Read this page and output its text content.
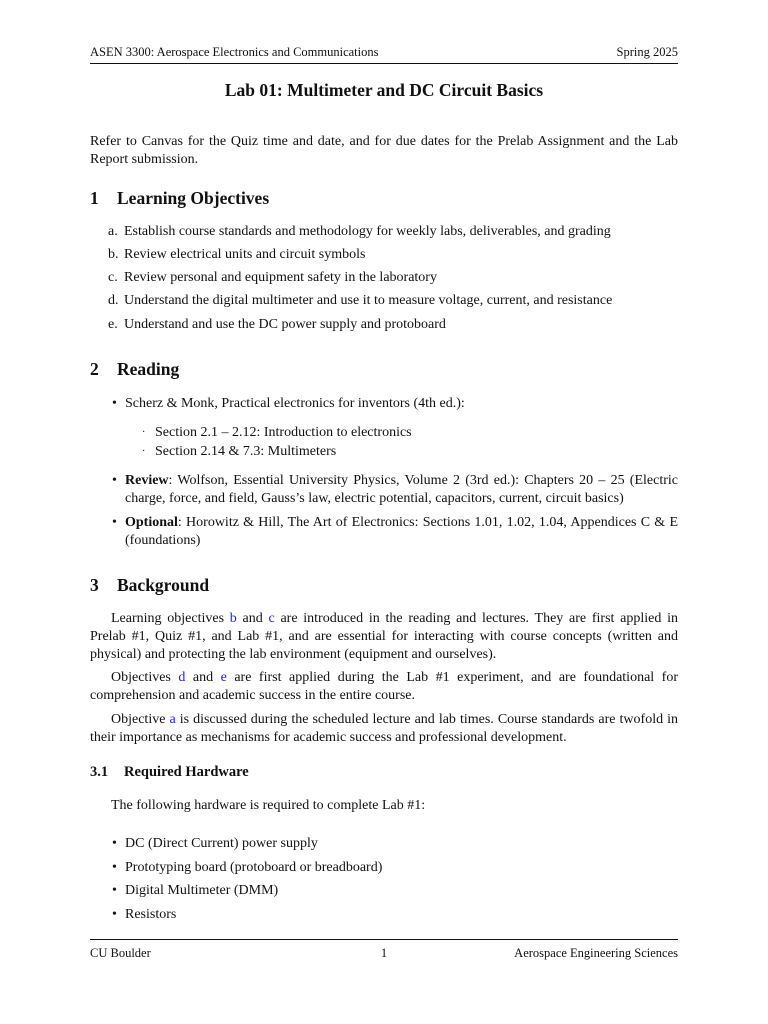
ASEN 3300: Aerospace Electronics and Communications	Spring 2025
Lab 01: Multimeter and DC Circuit Basics
Refer to Canvas for the Quiz time and date, and for due dates for the Prelab Assignment and the Lab Report submission.
1 Learning Objectives
a. Establish course standards and methodology for weekly labs, deliverables, and grading
b. Review electrical units and circuit symbols
c. Review personal and equipment safety in the laboratory
d. Understand the digital multimeter and use it to measure voltage, current, and resistance
e. Understand and use the DC power supply and protoboard
2 Reading
• Scherz & Monk, Practical electronics for inventors (4th ed.):
· Section 2.1 – 2.12: Introduction to electronics
· Section 2.14 & 7.3: Multimeters
• Review: Wolfson, Essential University Physics, Volume 2 (3rd ed.): Chapters 20 – 25 (Electric charge, force, and field, Gauss’s law, electric potential, capacitors, current, circuit basics)
• Optional: Horowitz & Hill, The Art of Electronics: Sections 1.01, 1.02, 1.04, Appendices C & E (foundations)
3 Background
Learning objectives b and c are introduced in the reading and lectures. They are first applied in Prelab #1, Quiz #1, and Lab #1, and are essential for interacting with course concepts (written and physical) and protecting the lab environment (equipment and ourselves).
Objectives d and e are first applied during the Lab #1 experiment, and are foundational for comprehension and academic success in the entire course.
Objective a is discussed during the scheduled lecture and lab times. Course standards are twofold in their importance as mechanisms for academic success and professional development.
3.1 Required Hardware
The following hardware is required to complete Lab #1:
• DC (Direct Current) power supply
• Prototyping board (protoboard or breadboard)
• Digital Multimeter (DMM)
• Resistors
1
CU Boulder	Aerospace Engineering Sciences
